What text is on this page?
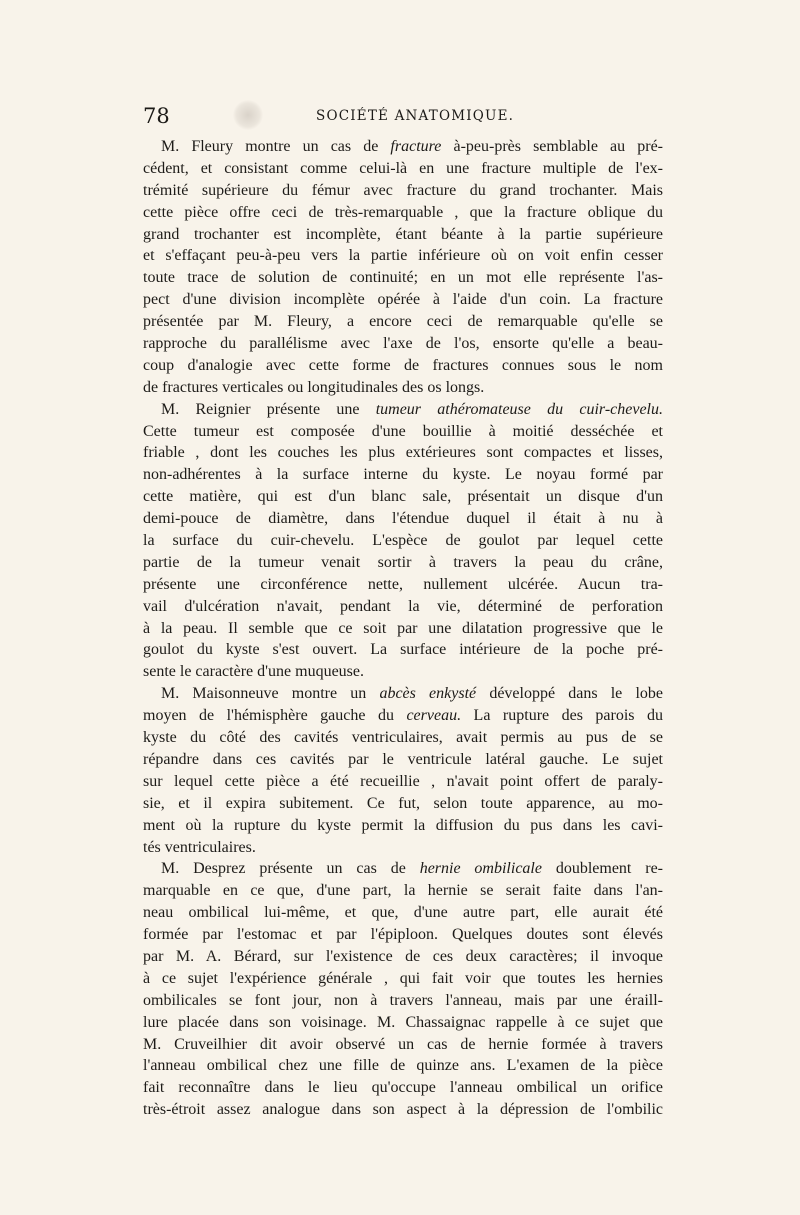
78	SOCIÉTÉ ANATOMIQUE.
M. Fleury montre un cas de fracture à-peu-près semblable au pré-
cédent, et consistant comme celui-là en une fracture multiple de l'ex-
trémité supérieure du fémur avec fracture du grand trochanter. Mais
cette pièce offre ceci de très-remarquable , que la fracture oblique du
grand trochanter est incomplète, étant béante à la partie supérieure
et s'effaçant peu-à-peu vers la partie inférieure où on voit enfin cesser
toute trace de solution de continuité; en un mot elle représente l'as-
pect d'une division incomplète opérée à l'aide d'un coin. La fracture
présentée par M. Fleury, a encore ceci de remarquable qu'elle se
rapproche du parallélisme avec l'axe de l'os, ensorte qu'elle a beau-
coup d'analogie avec cette forme de fractures connues sous le nom
de fractures verticales ou longitudinales des os longs.
M. Reignier présente une tumeur athéromateuse du cuir-chevelu.
Cette tumeur est composée d'une bouillie à moitié desséchée et
friable , dont les couches les plus extérieures sont compactes et lisses,
non-adhérentes à la surface interne du kyste. Le noyau formé par
cette matière, qui est d'un blanc sale, présentait un disque d'un
demi-pouce de diamètre, dans l'étendue duquel il était à nu à
la surface du cuir-chevelu. L'espèce de goulot par lequel cette
partie de la tumeur venait sortir à travers la peau du crâne,
présente une circonférence nette, nullement ulcérée. Aucun tra-
vail d'ulcération n'avait, pendant la vie, déterminé de perforation
à la peau. Il semble que ce soit par une dilatation progressive que le
goulot du kyste s'est ouvert. La surface intérieure de la poche pré-
sente le caractère d'une muqueuse.
M. Maisonneuve montre un abcès enkysté développé dans le lobe
moyen de l'hémisphère gauche du cerveau. La rupture des parois du
kyste du côté des cavités ventriculaires, avait permis au pus de se
répandre dans ces cavités par le ventricule latéral gauche. Le sujet
sur lequel cette pièce a été recueillie , n'avait point offert de paraly-
sie, et il expira subitement. Ce fut, selon toute apparence, au mo-
ment où la rupture du kyste permit la diffusion du pus dans les cavi-
tés ventriculaires.
M. Desprez présente un cas de hernie ombilicale doublement re-
marquable en ce que, d'une part, la hernie se serait faite dans l'an-
neau ombilical lui-même, et que, d'une autre part, elle aurait été
formée par l'estomac et par l'épiploon. Quelques doutes sont élevés
par M. A. Bérard, sur l'existence de ces deux caractères; il invoque
à ce sujet l'expérience générale , qui fait voir que toutes les hernies
ombilicales se font jour, non à travers l'anneau, mais par une éraill-
lure placée dans son voisinage. M. Chassaignac rappelle à ce sujet que
M. Cruveilhier dit avoir observé un cas de hernie formée à travers
l'anneau ombilical chez une fille de quinze ans. L'examen de la pièce
fait reconnaître dans le lieu qu'occupe l'anneau ombilical un orifice
très-étroit assez analogue dans son aspect à la dépression de l'ombilic
